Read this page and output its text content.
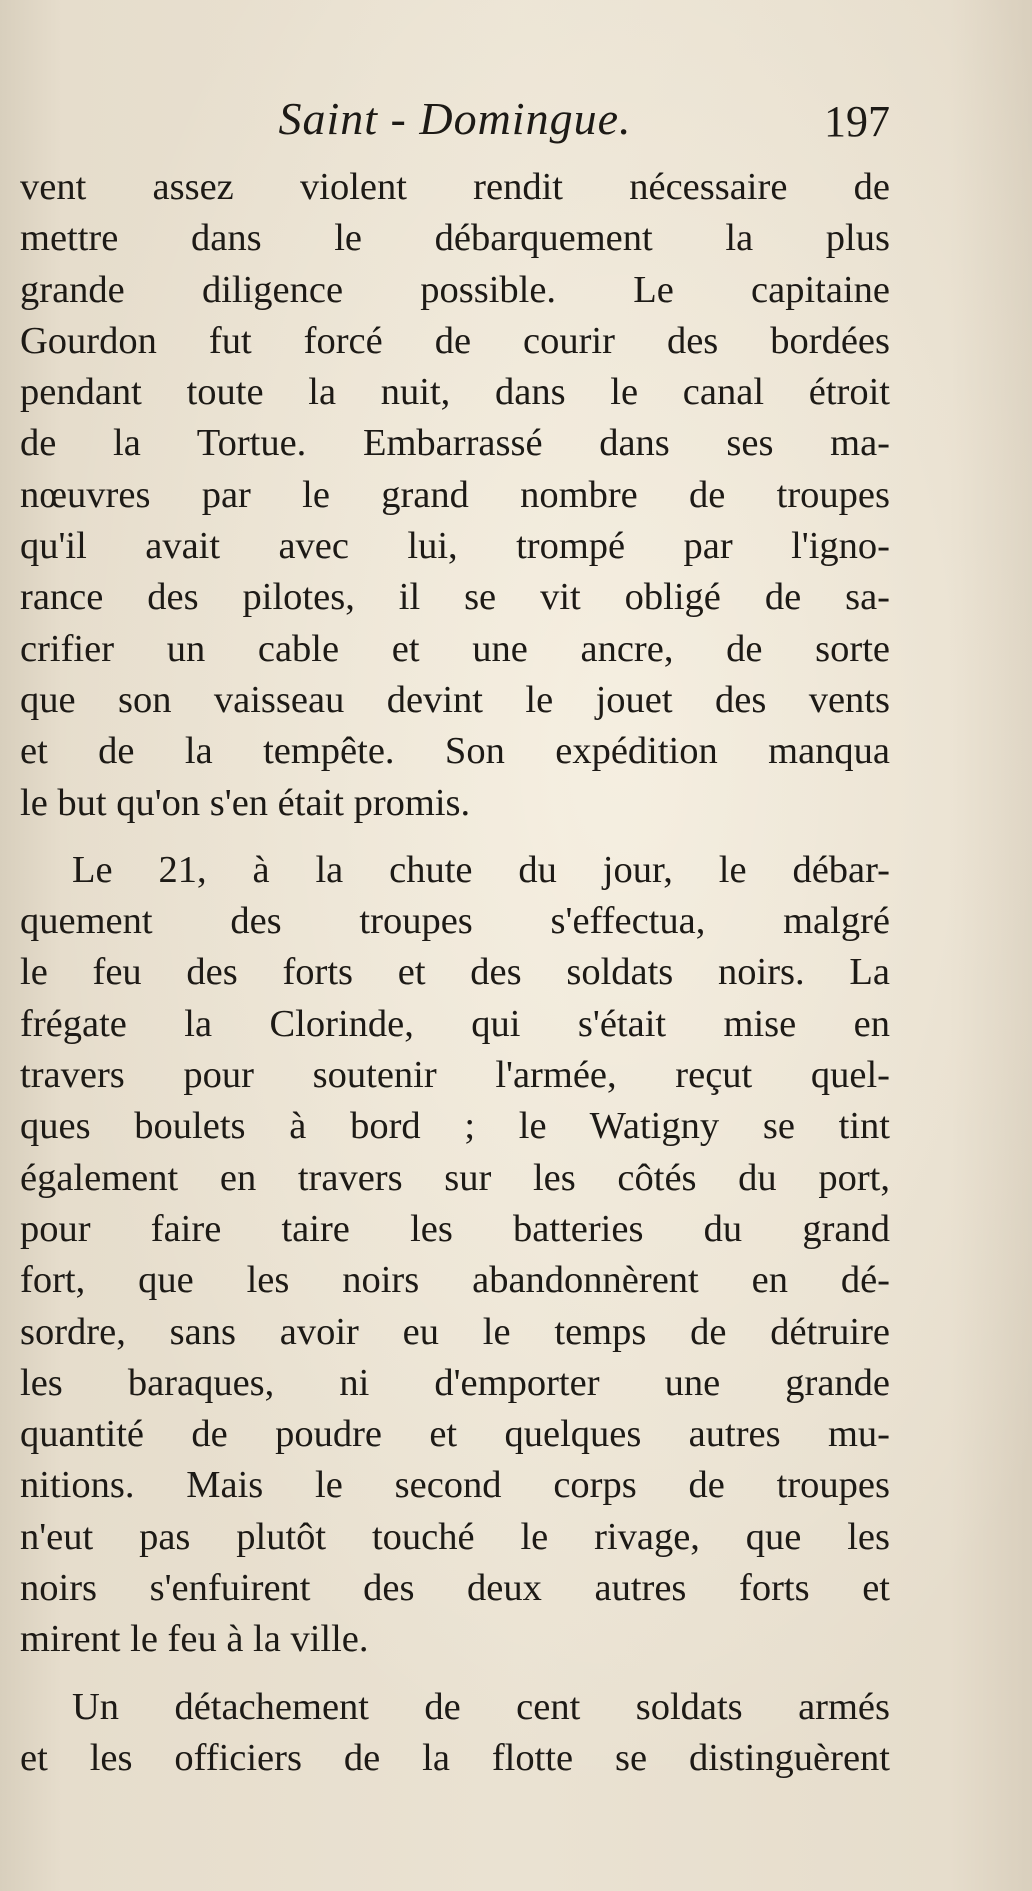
Saint - Domingue.	197
vent assez violent rendit nécessaire de
mettre dans le débarquement la plus
grande diligence possible. Le capitaine
Gourdon fut forcé de courir des bordées
pendant toute la nuit, dans le canal étroit
de la Tortue. Embarrassé dans ses ma-
nœuvres par le grand nombre de troupes
qu'il avait avec lui, trompé par l'igno-
rance des pilotes, il se vit obligé de sa-
crifier un cable et une ancre, de sorte
que son vaisseau devint le jouet des vents
et de la tempête. Son expédition manqua
le but qu'on s'en était promis.
Le 21, à la chute du jour, le débar-
quement des troupes s'effectua, malgré
le feu des forts et des soldats noirs. La
frégate la Clorinde, qui s'était mise en
travers pour soutenir l'armée, reçut quel-
ques boulets à bord ; le Watigny se tint
également en travers sur les côtés du port,
pour faire taire les batteries du grand
fort, que les noirs abandonnèrent en dé-
sordre, sans avoir eu le temps de détruire
les baraques, ni d'emporter une grande
quantité de poudre et quelques autres mu-
nitions. Mais le second corps de troupes
n'eut pas plutôt touché le rivage, que les
noirs s'enfuirent des deux autres forts et
mirent le feu à la ville.
Un détachement de cent soldats armés
et les officiers de la flotte se distinguèrent
